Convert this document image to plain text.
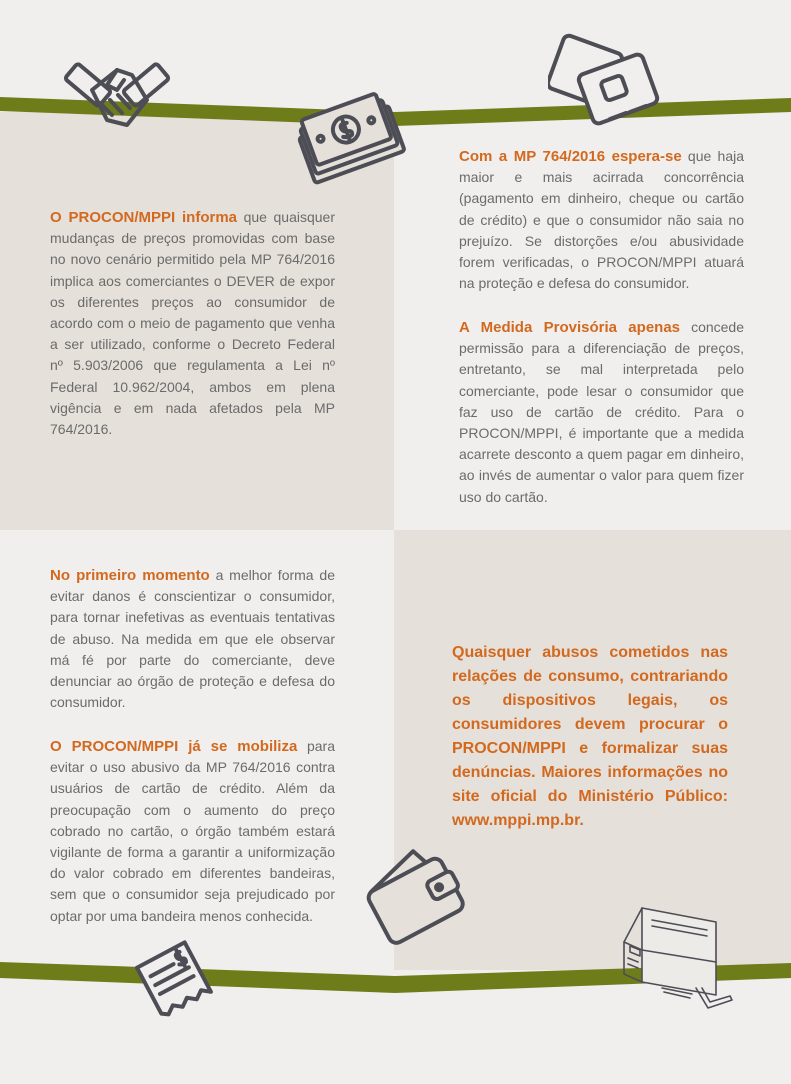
O PROCON/MPPI informa que quaisquer mudanças de preços promovidas com base no novo cenário permitido pela MP 764/2016 implica aos comerciantes o DEVER de expor os diferentes preços ao consumidor de acordo com o meio de pagamento que venha a ser utilizado, conforme o Decreto Federal nº 5.903/2006 que regulamenta a Lei nº Federal 10.962/2004, ambos em plena vigência e em nada afetados pela MP 764/2016.

Com a MP 764/2016 espera-se que haja maior e mais acirrada concorrência (pagamento em dinheiro, cheque ou cartão de crédito) e que o consumidor não saia no prejuízo. Se distorções e/ou abusividade forem verificadas, o PROCON/MPPI atuará na proteção e defesa do consumidor.

A Medida Provisória apenas concede permissão para a diferenciação de preços, entretanto, se mal interpretada pelo comerciante, pode lesar o consumidor que faz uso de cartão de crédito. Para o PROCON/MPPI, é importante que a medida acarrete desconto a quem pagar em dinheiro, ao invés de aumentar o valor para quem fizer uso do cartão.

No primeiro momento a melhor forma de evitar danos é conscientizar o consumidor, para tornar inefetivas as eventuais tentativas de abuso. Na medida em que ele observar má fé por parte do comerciante, deve denunciar ao órgão de proteção e defesa do consumidor.

O PROCON/MPPI já se mobiliza para evitar o uso abusivo da MP 764/2016 contra usuários de cartão de crédito. Além da preocupação com o aumento do preço cobrado no cartão, o órgão também estará vigilante de forma a garantir a uniformização do valor cobrado em diferentes bandeiras, sem que o consumidor seja prejudicado por optar por uma bandeira menos conhecida.

Quaisquer abusos cometidos nas relações de consumo, contrariando os dispositivos legais, os consumidores devem procurar o PROCON/MPPI e formalizar suas denúncias. Maiores informações no site oficial do Ministério Público: www.mppi.mp.br.
